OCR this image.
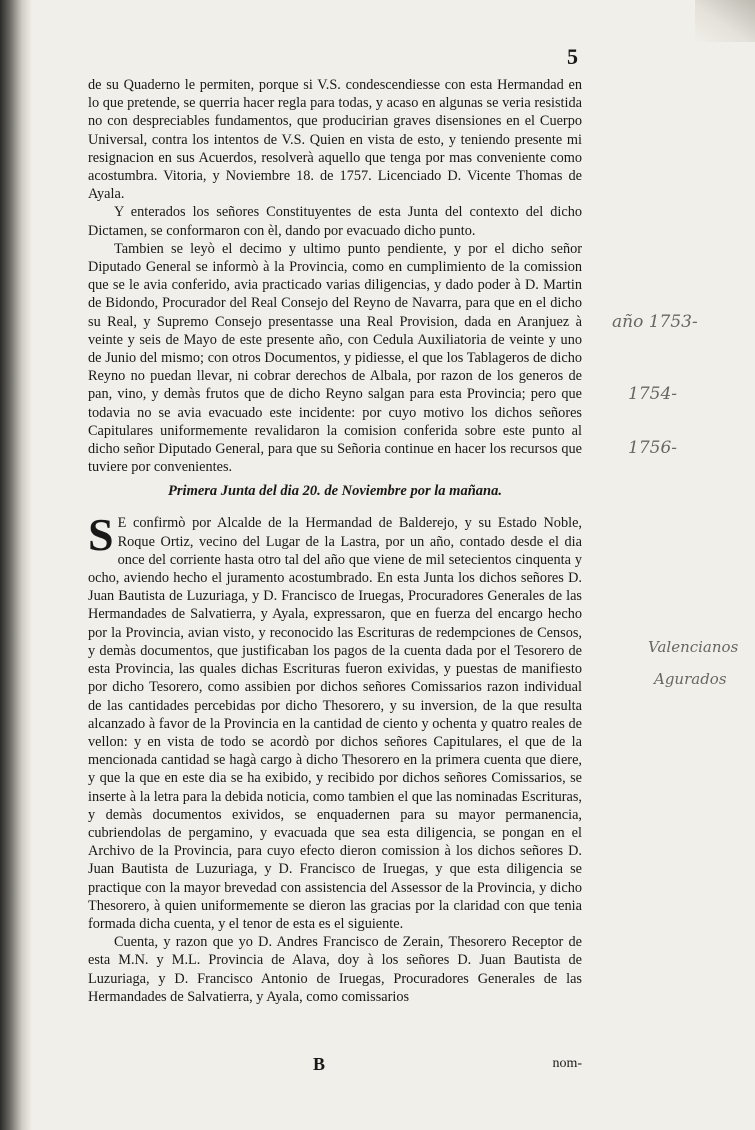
año 1753-
1754-
1756-
Valencianos
Agurados
5

de su Quaderno le permiten, porque si V.S. condescendiesse con esta Hermandad en lo que pretende, se querria hacer regla para todas, y acaso en algunas se veria resistida no con despreciables fundamentos, que producirian graves disensiones en el Cuerpo Universal, contra los intentos de V.S. Quien en vista de esto, y teniendo presente mi resignacion en sus Acuerdos, resolverà aquello que tenga por mas conveniente como acostumbra. Vitoria, y Noviembre 18. de 1757. Licenciado D. Vicente Thomas de Ayala.

Y enterados los señores Constituyentes de esta Junta del contexto del dicho Dictamen, se conformaron con èl, dando por evacuado dicho punto.

Tambien se leyò el decimo y ultimo punto pendiente, y por el dicho señor Diputado General se informò à la Provincia, como en cumplimiento de la comission que se le avia conferido, avia practicado varias diligencias, y dado poder à D. Martin de Bidondo, Procurador del Real Consejo del Reyno de Navarra, para que en el dicho su Real, y Supremo Consejo presentasse una Real Provision, dada en Aranjuez à veinte y seis de Mayo de este presente año, con Cedula Auxiliatoria de veinte y uno de Junio del mismo; con otros Documentos, y pidiesse, el que los Tablageros de dicho Reyno no puedan llevar, ni cobrar derechos de Albala, por razon de los generos de pan, vino, y demàs frutos que de dicho Reyno salgan para esta Provincia; pero que todavia no se avia evacuado este incidente: por cuyo motivo los dichos señores Capitulares uniformemente revalidaron la comision conferida sobre este punto al dicho señor Diputado General, para que su Señoria continue en hacer los recursos que tuviere por convenientes.

Primera Junta del dia 20. de Noviembre por la mañana.

S E confirmò por Alcalde de la Hermandad de Balderejo, y su Estado Noble, Roque Ortiz, vecino del Lugar de la Lastra, por un año, contado desde el dia once del corriente hasta otro tal del año que viene de mil setecientos cinquenta y ocho, aviendo hecho el juramento acostumbrado. En esta Junta los dichos señores D. Juan Bautista de Luzuriaga, y D. Francisco de Iruegas, Procuradores Generales de las Hermandades de Salvatierra, y Ayala, expressaron, que en fuerza del encargo hecho por la Provincia, avian visto, y reconocido las Escrituras de redempciones de Censos, y demàs documentos, que justificaban los pagos de la cuenta dada por el Tesorero de esta Provincia, las quales dichas Escrituras fueron exividas, y puestas de manifiesto por dicho Tesorero, como assibien por dichos señores Comissarios razon individual de las cantidades percebidas por dicho Thesorero, y su inversion, de la que resulta alcanzado à favor de la Provincia en la cantidad de ciento y ochenta y quatro reales de vellon: y en vista de todo se acordò por dichos señores Capitulares, el que de la mencionada cantidad se hagà cargo à dicho Thesorero en la primera cuenta que diere, y que la que en este dia se ha exibido, y recibido por dichos señores Comissarios, se inserte à la letra para la debida noticia, como tambien el que las nominadas Escrituras, y demàs documentos exividos, se enquadernen para su mayor permanencia, cubriendolas de pergamino, y evacuada que sea esta diligencia, se pongan en el Archivo de la Provincia, para cuyo efecto dieron comission à los dichos señores D. Juan Bautista de Luzuriaga, y D. Francisco de Iruegas, y que esta diligencia se practique con la mayor brevedad con assistencia del Assessor de la Provincia, y dicho Thesorero, à quien uniformemente se dieron las gracias por la claridad con que tenia formada dicha cuenta, y el tenor de esta es el siguiente.

Cuenta, y razon que yo D. Andres Francisco de Zerain, Thesorero Receptor de esta M.N. y M.L. Provincia de Alava, doy à los señores D. Juan Bautista de Luzuriaga, y D. Francisco Antonio de Iruegas, Procuradores Generales de las Hermandades de Salvatierra, y Ayala, como comissarios

B	nom-
